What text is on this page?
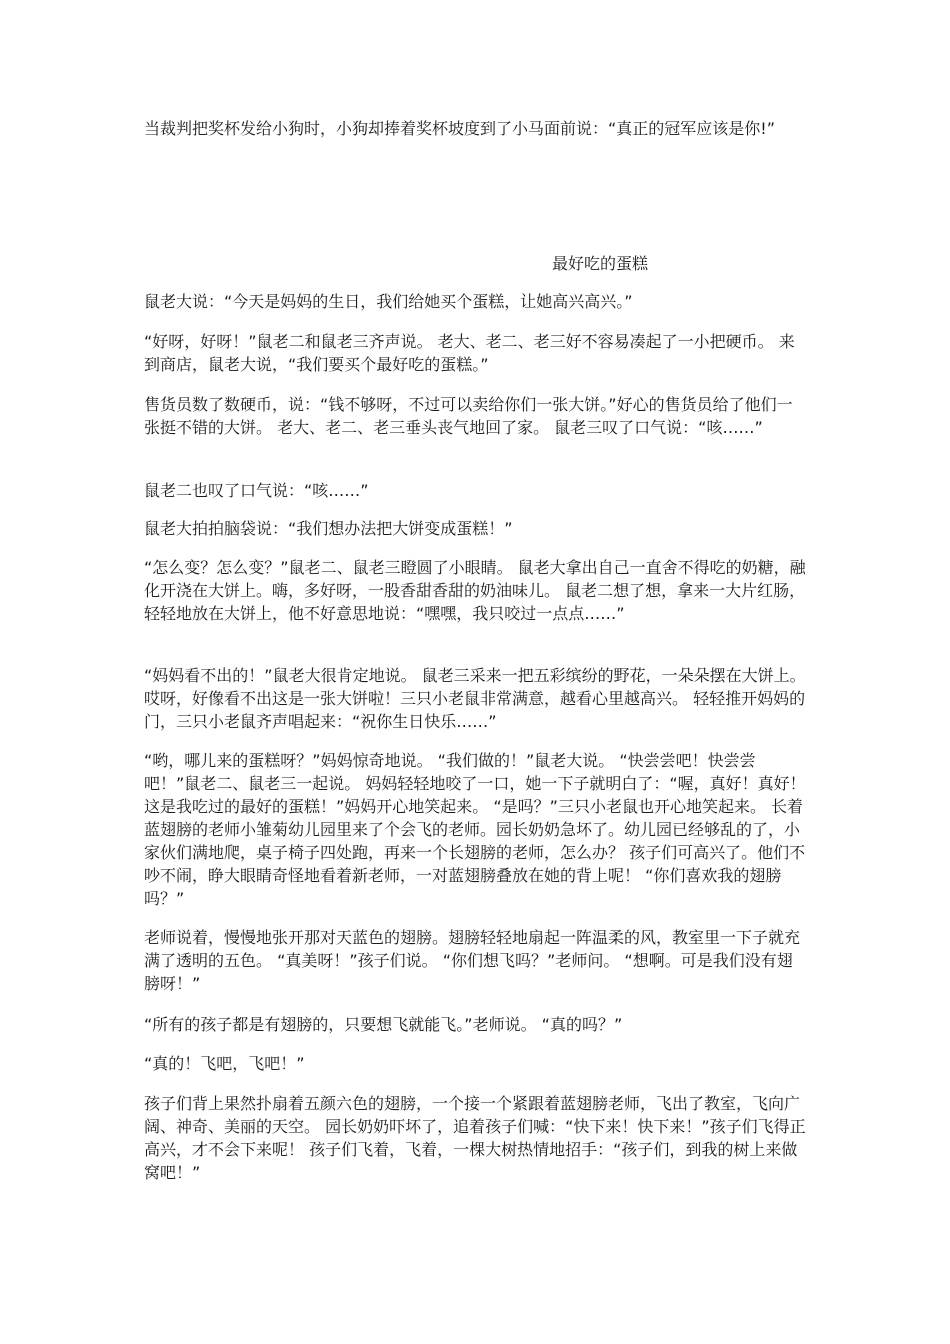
当裁判把奖杯发给小狗时，小狗却捧着奖杯坡度到了小马面前说：“真正的冠军应该是你!”

最好吃的蛋糕

鼠老大说：“今天是妈妈的生日，我们给她买个蛋糕，让她高兴高兴。”

“好呀，好呀！”鼠老二和鼠老三齐声说。 老大、老二、老三好不容易凑起了一小把硬币。 来到商店，鼠老大说，“我们要买个最好吃的蛋糕。”

售货员数了数硬币，说：“钱不够呀，不过可以卖给你们一张大饼。”好心的售货员给了他们一张挺不错的大饼。 老大、老二、老三垂头丧气地回了家。 鼠老三叹了口气说：“咳……”

鼠老二也叹了口气说：“咳……”

鼠老大拍拍脑袋说：“我们想办法把大饼变成蛋糕！”

“怎么变？怎么变？”鼠老二、鼠老三瞪圆了小眼睛。 鼠老大拿出自己一直舍不得吃的奶糖，融化开浇在大饼上。嗨，多好呀，一股香甜香甜的奶油味儿。 鼠老二想了想，拿来一大片红肠，轻轻地放在大饼上，他不好意思地说：“嘿嘿，我只咬过一点点……”

“妈妈看不出的！”鼠老大很肯定地说。 鼠老三采来一把五彩缤纷的野花，一朵朵摆在大饼上。 哎呀，好像看不出这是一张大饼啦！三只小老鼠非常满意，越看心里越高兴。 轻轻推开妈妈的门，三只小老鼠齐声唱起来：“祝你生日快乐……”

“哟，哪儿来的蛋糕呀？”妈妈惊奇地说。 “我们做的！”鼠老大说。 “快尝尝吧！快尝尝吧！”鼠老二、鼠老三一起说。 妈妈轻轻地咬了一口，她一下子就明白了：“喔，真好！真好！这是我吃过的最好的蛋糕！”妈妈开心地笑起来。 “是吗？”三只小老鼠也开心地笑起来。 长着蓝翅膀的老师小雏菊幼儿园里来了个会飞的老师。园长奶奶急坏了。幼儿园已经够乱的了，小家伙们满地爬，桌子椅子四处跑，再来一个长翅膀的老师，怎么办？ 孩子们可高兴了。他们不吵不闹，睁大眼睛奇怪地看着新老师，一对蓝翅膀叠放在她的背上呢！ “你们喜欢我的翅膀吗？”

老师说着，慢慢地张开那对天蓝色的翅膀。翅膀轻轻地扇起一阵温柔的风，教室里一下子就充满了透明的五色。 “真美呀！”孩子们说。 “你们想飞吗？”老师问。 “想啊。可是我们没有翅膀呀！”

“所有的孩子都是有翅膀的，只要想飞就能飞。”老师说。 “真的吗？”

“真的！飞吧，飞吧！”

孩子们背上果然扑扇着五颜六色的翅膀，一个接一个紧跟着蓝翅膀老师，飞出了教室，飞向广阔、神奇、美丽的天空。 园长奶奶吓坏了，追着孩子们喊：“快下来！快下来！”孩子们飞得正高兴，才不会下来呢！ 孩子们飞着，飞着，一棵大树热情地招手：“孩子们，到我的树上来做窝吧！”
